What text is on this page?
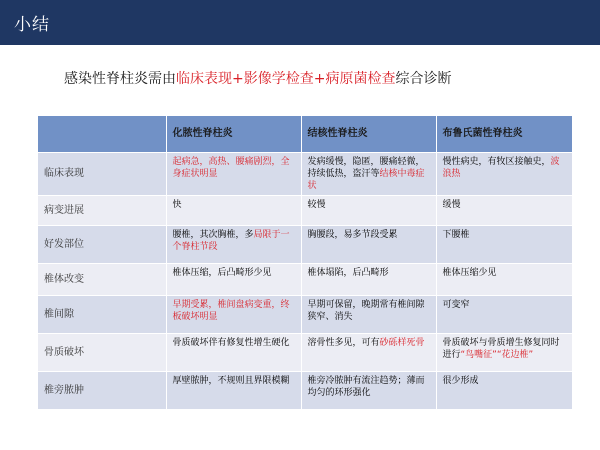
小结
感染性脊柱炎需由临床表现+影像学检查+病原菌检查综合诊断
	化脓性脊柱炎	结核性脊柱炎	布鲁氏菌性脊柱炎
临床表现	起病急，高热、腰痛剧烈，全身症状明显	发病缓慢，隐匿，腰痛轻微，持续低热，盗汗等结核中毒症状	慢性病史，有牧区接触史，波浪热
病变进展	快	较慢	缓慢
好发部位	腰椎，其次胸椎，多局限于一个脊柱节段	胸腰段，易多节段受累	下腰椎
椎体改变	椎体压缩，后凸畸形少见	椎体塌陷，后凸畸形	椎体压缩少见
椎间隙	早期受累，椎间盘病变重，终板破坏明显	早期可保留，晚期常有椎间隙狭窄、消失	可变窄
骨质破坏	骨质破坏伴有修复性增生硬化	溶骨性多见，可有砂砾样死骨	骨质破坏与骨质增生修复同时进行“鸟嘴征”“花边椎”
椎旁脓肿	厚壁脓肿，不规则且界限模糊	椎旁冷脓肿有流注趋势；薄而均匀的环形强化	很少形成
